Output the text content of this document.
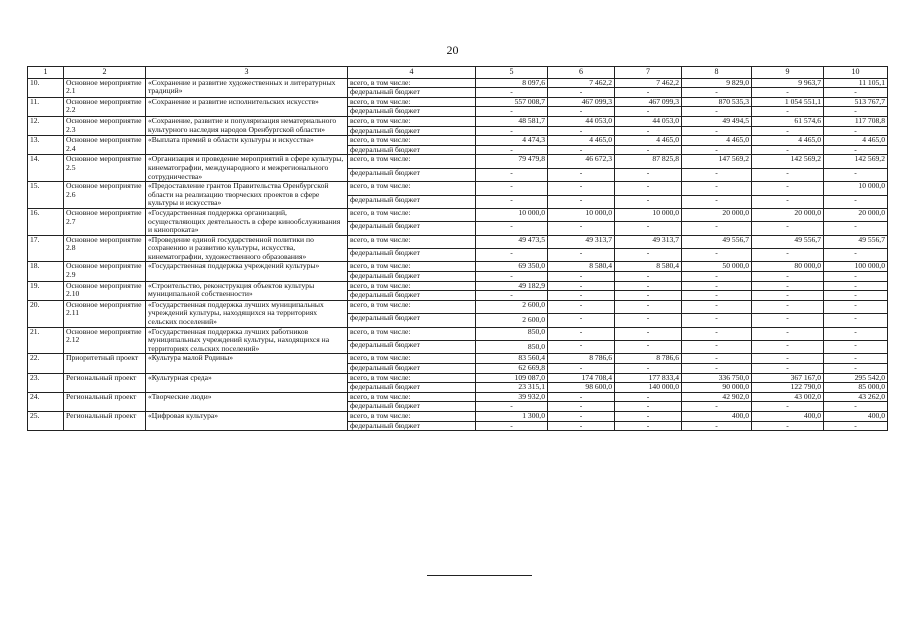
20
1	2	3	4	5	6	7	8	9	10
10.	Основное мероприятие 2.1	«Сохранение и развитие художественных и литературных традиций»	всего, в том числе:	8 097,6	7 462,2	7 462,2	9 829,0	9 963,7	11 105,1
			федеральный бюджет	-	-	-	-	-	-
11.	Основное мероприятие 2.2	«Сохранение и развитие исполнительских искусств»	всего, в том числе:	557 008,7	467 099,3	467 099,3	870 535,3	1 054 551,1	513 767,7
			федеральный бюджет	-	-	-	-	-	-
12.	Основное мероприятие 2.3	«Сохранение, развитие и популяризация нематериального культурного наследия народов Оренбургской области»	всего, в том числе:	48 581,7	44 053,0	44 053,0	49 494,5	61 574,6	117 708,8
			федеральный бюджет	-	-	-	-	-	-
13.	Основное мероприятие 2.4	«Выплата премий в области культуры и искусства»	всего, в том числе:	4 474,3	4 465,0	4 465,0	4 465,0	4 465,0	4 465,0
			федеральный бюджет	-	-	-	-	-	-
14.	Основное мероприятие 2.5	«Организация и проведение мероприятий в сфере культуры, кинематографии, международного и межрегионального сотрудничества»	всего, в том числе:	79 479,8	46 672,3	87 825,8	147 569,2	142 569,2	142 569,2
			федеральный бюджет	-	-	-	-	-	-
15.	Основное мероприятие 2.6	«Предоставление грантов Правительства Оренбургской области на реализацию творческих проектов в сфере культуры и искусства»	всего, в том числе:	-	-	-	-	-	10 000,0
			федеральный бюджет	-	-	-	-	-	-
16.	Основное мероприятие 2.7	«Государственная поддержка организаций, осуществляющих деятельность в сфере кинообслуживания и кинопроката»	всего, в том числе:	10 000,0	10 000,0	10 000,0	20 000,0	20 000,0	20 000,0
			федеральный бюджет	-	-	-	-	-	-
17.	Основное мероприятие 2.8	«Проведение единой государственной политики по сохранению и развитию культуры, искусства, кинематографии, художественного образования»	всего, в том числе:	49 473,5	49 313,7	49 313,7	49 556,7	49 556,7	49 556,7
			федеральный бюджет	-	-	-	-	-	-
18.	Основное мероприятие 2.9	«Государственная поддержка учреждений культуры»	всего, в том числе:	69 350,0	8 580,4	8 580,4	50 000,0	80 000,0	100 000,0
			федеральный бюджет	-	-	-	-	-	-
19.	Основное мероприятие 2.10	«Строительство, реконструкция объектов культуры муниципальной собственности»	всего, в том числе:	49 182,9	-	-	-	-	-
			федеральный бюджет	-	-	-	-	-	-
20.	Основное мероприятие 2.11	«Государственная поддержка лучших муниципальных учреждений культуры, находящихся на территориях сельских поселений»	всего, в том числе:	2 600,0	-	-	-	-	-
			федеральный бюджет	2 600,0	-	-	-	-	-
21.	Основное мероприятие 2.12	«Государственная поддержка лучших работников муниципальных учреждений культуры, находящихся на территориях сельских поселений»	всего, в том числе:	850,0	-	-	-	-	-
			федеральный бюджет	850,0	-	-	-	-	-
22.	Приоритетный проект	«Культура малой Родины»	всего, в том числе:	83 560,4	8 786,6	8 786,6	-	-	-
			федеральный бюджет	62 669,8	-	-	-	-	-
23.	Региональный проект	«Культурная среда»	всего, в том числе:	109 087,0	174 708,4	177 833,4	336 750,0	367 167,0	295 542,0
			федеральный бюджет	23 315,1	98 600,0	140 000,0	90 000,0	122 790,0	85 000,0
24.	Региональный проект	«Творческие люди»	всего, в том числе:	39 932,0	-	-	42 902,0	43 002,0	43 262,0
			федеральный бюджет	-	-	-	-	-	-
25.	Региональный проект	«Цифровая культура»	всего, в том числе:	1 300,0	-	-	400,0	400,0	400,0
			федеральный бюджет	-	-	-	-	-	-
